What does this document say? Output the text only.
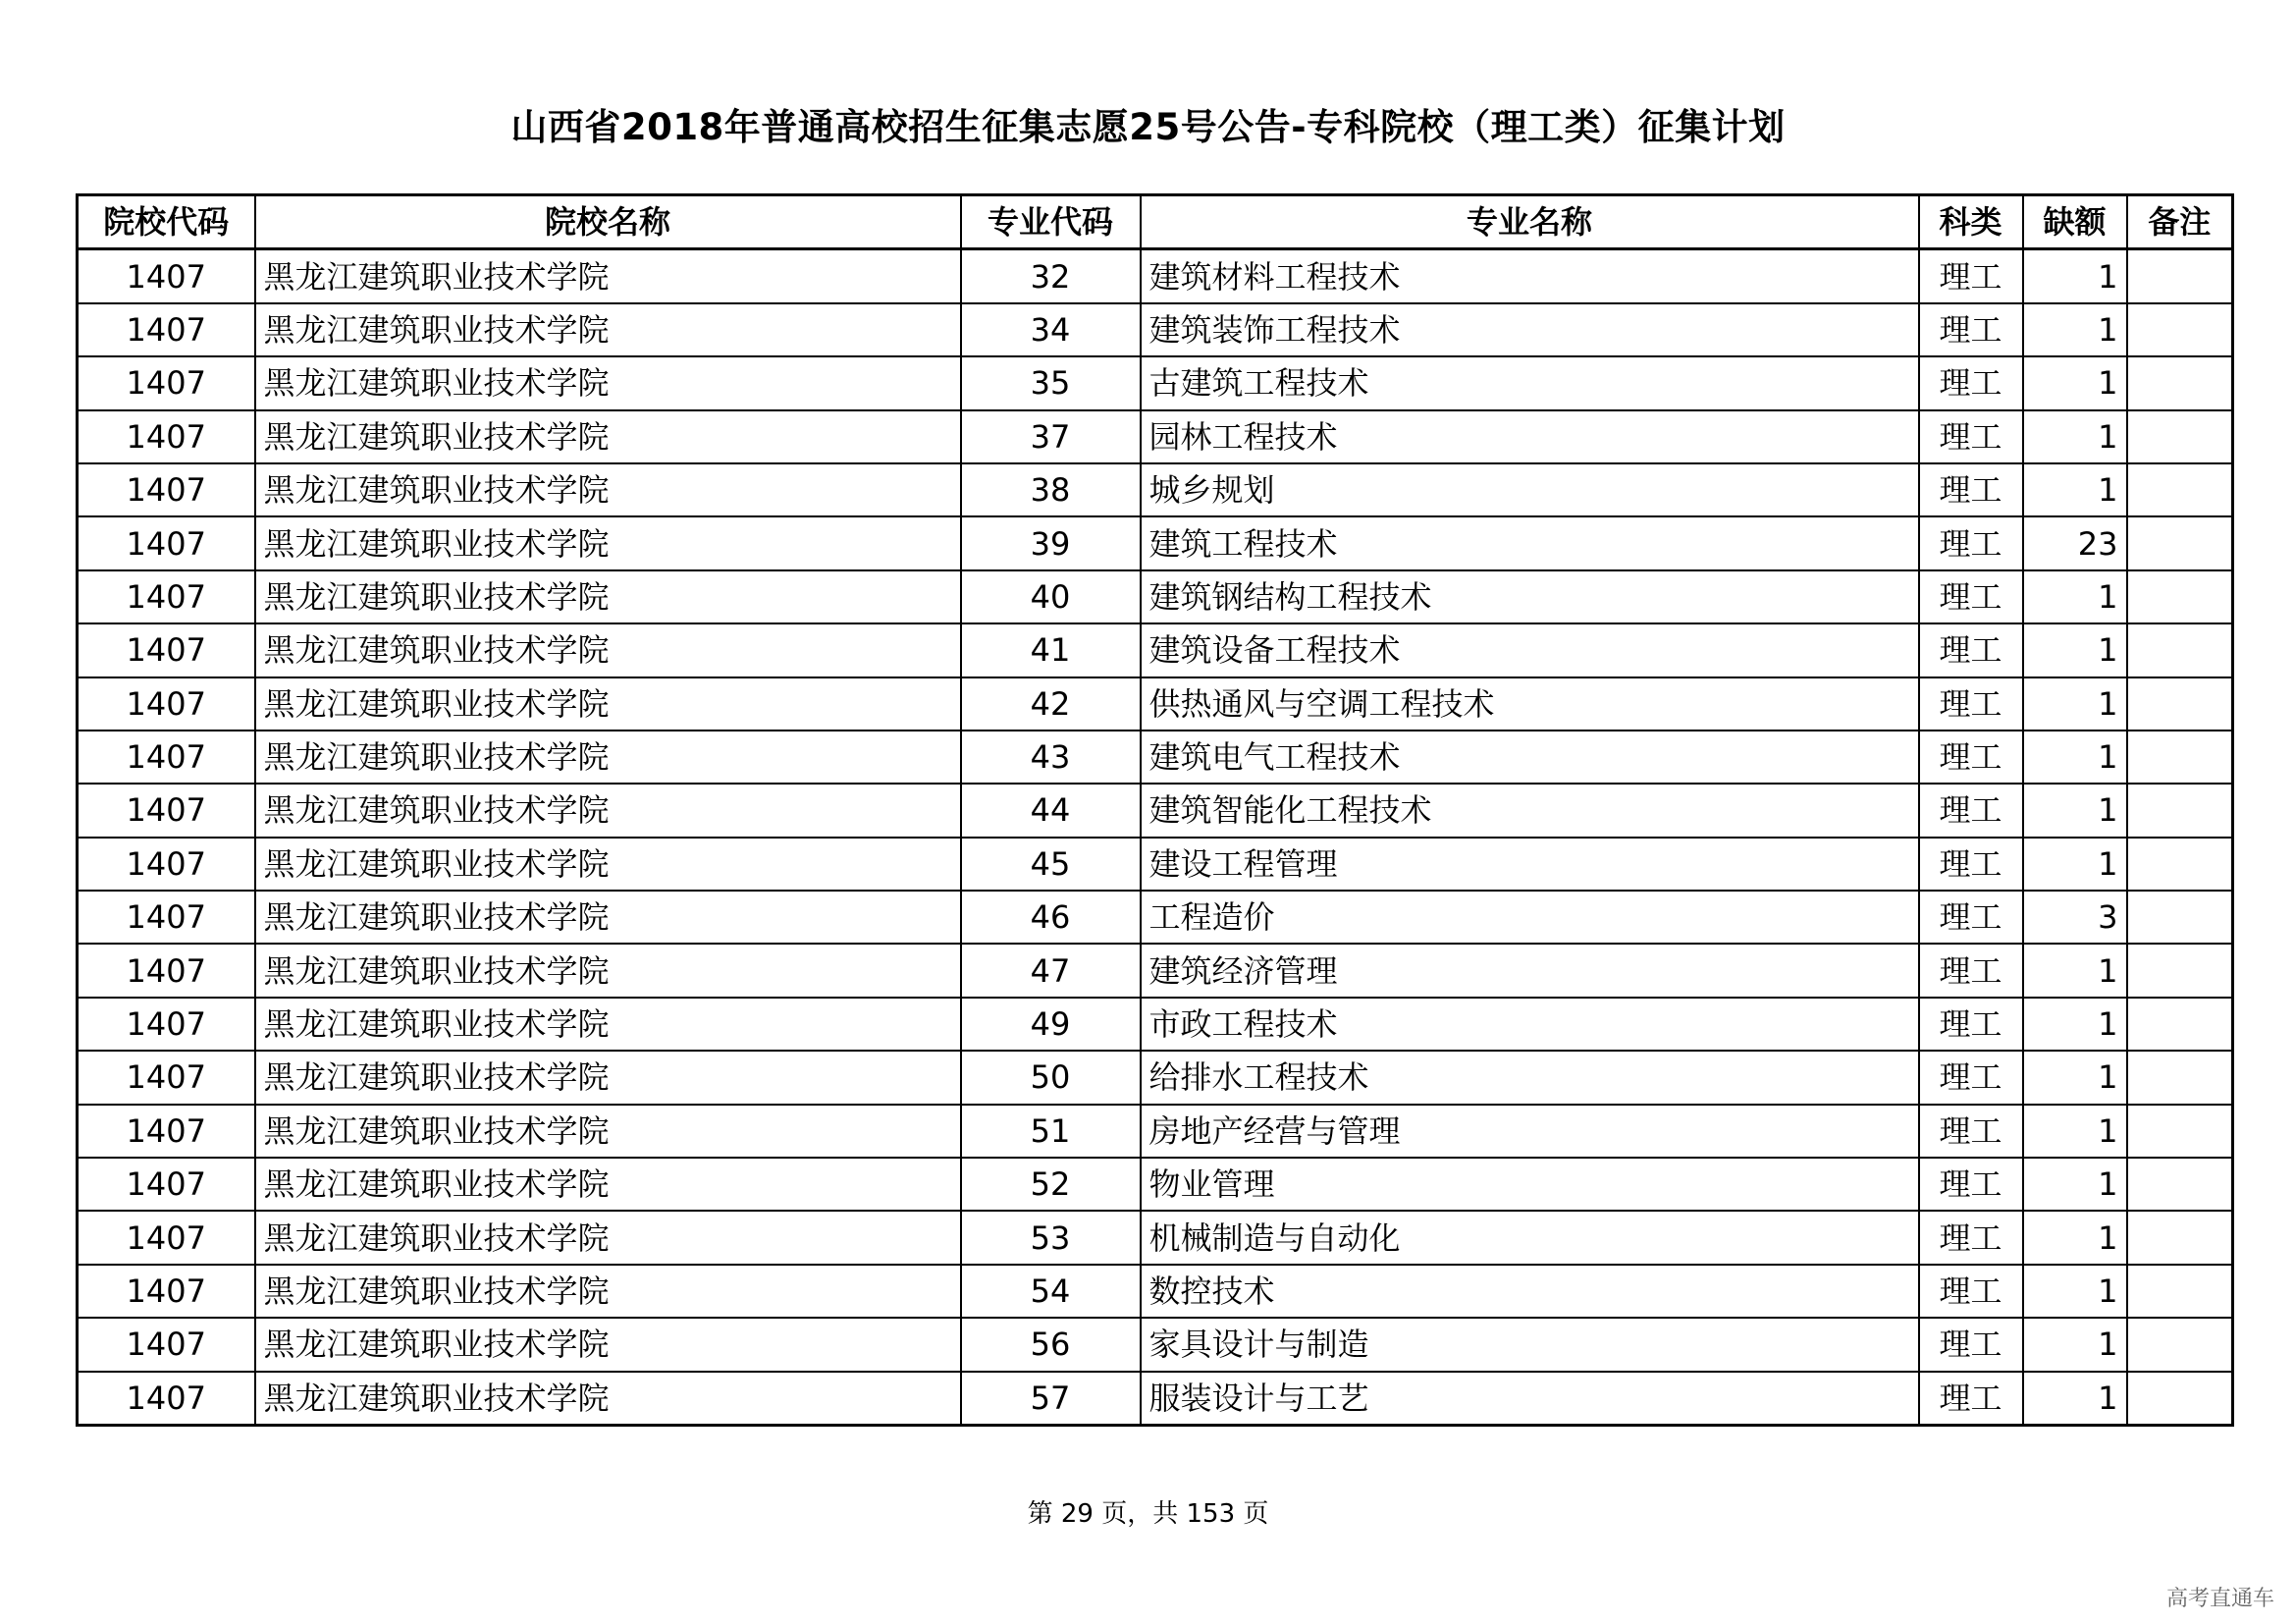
山西省2018年普通高校招生征集志愿25号公告-专科院校（理工类）征集计划
院校代码	院校名称	专业代码	专业名称	科类	缺额	备注
1407	黑龙江建筑职业技术学院	32	建筑材料工程技术	理工	1	
1407	黑龙江建筑职业技术学院	34	建筑装饰工程技术	理工	1	
1407	黑龙江建筑职业技术学院	35	古建筑工程技术	理工	1	
1407	黑龙江建筑职业技术学院	37	园林工程技术	理工	1	
1407	黑龙江建筑职业技术学院	38	城乡规划	理工	1	
1407	黑龙江建筑职业技术学院	39	建筑工程技术	理工	23	
1407	黑龙江建筑职业技术学院	40	建筑钢结构工程技术	理工	1	
1407	黑龙江建筑职业技术学院	41	建筑设备工程技术	理工	1	
1407	黑龙江建筑职业技术学院	42	供热通风与空调工程技术	理工	1	
1407	黑龙江建筑职业技术学院	43	建筑电气工程技术	理工	1	
1407	黑龙江建筑职业技术学院	44	建筑智能化工程技术	理工	1	
1407	黑龙江建筑职业技术学院	45	建设工程管理	理工	1	
1407	黑龙江建筑职业技术学院	46	工程造价	理工	3	
1407	黑龙江建筑职业技术学院	47	建筑经济管理	理工	1	
1407	黑龙江建筑职业技术学院	49	市政工程技术	理工	1	
1407	黑龙江建筑职业技术学院	50	给排水工程技术	理工	1	
1407	黑龙江建筑职业技术学院	51	房地产经营与管理	理工	1	
1407	黑龙江建筑职业技术学院	52	物业管理	理工	1	
1407	黑龙江建筑职业技术学院	53	机械制造与自动化	理工	1	
1407	黑龙江建筑职业技术学院	54	数控技术	理工	1	
1407	黑龙江建筑职业技术学院	56	家具设计与制造	理工	1	
1407	黑龙江建筑职业技术学院	57	服装设计与工艺	理工	1	
第 29 页，共 153 页
高考直通车
